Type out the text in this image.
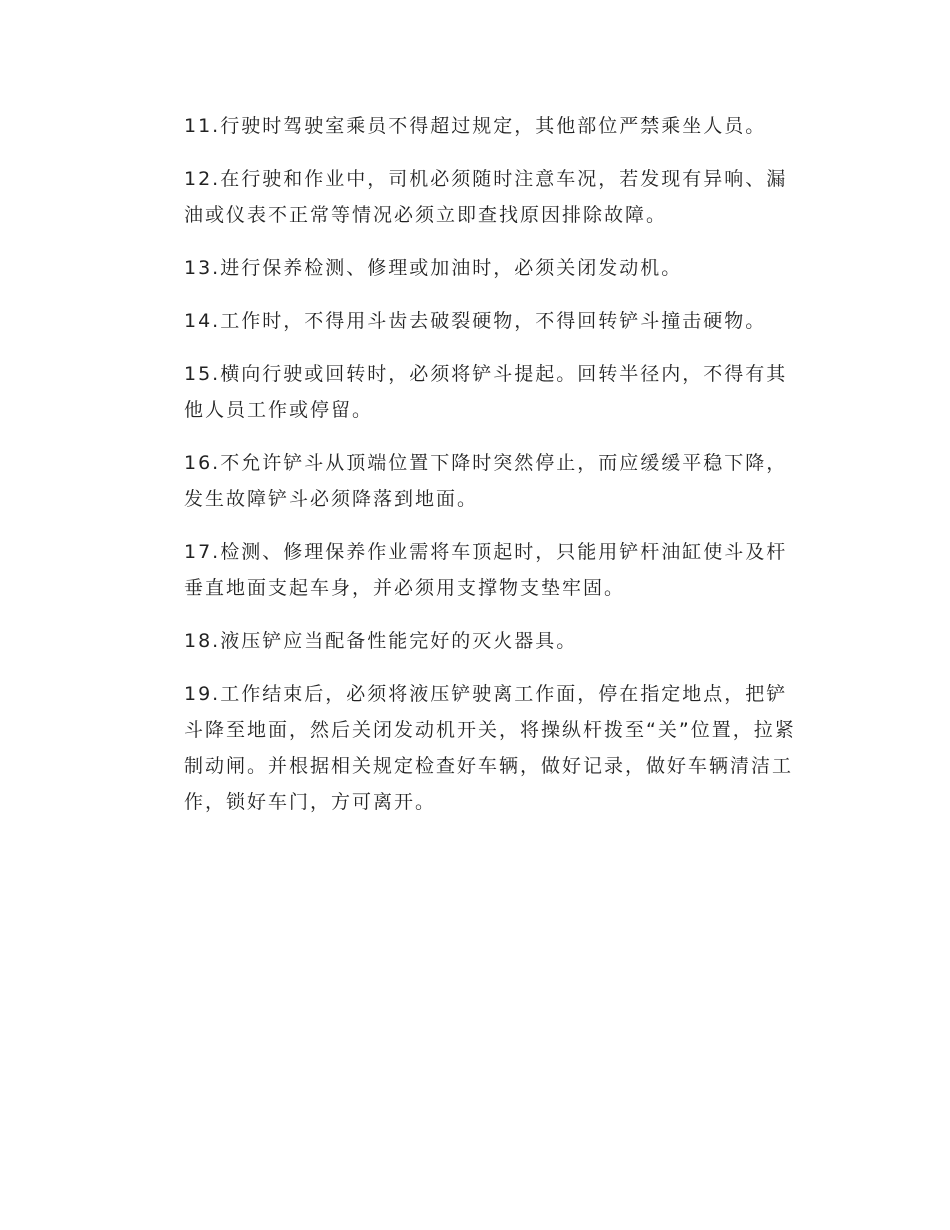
11.行驶时驾驶室乘员不得超过规定，其他部位严禁乘坐人员。

12.在行驶和作业中，司机必须随时注意车况，若发现有异响、漏
油或仪表不正常等情况必须立即查找原因排除故障。

13.进行保养检测、修理或加油时，必须关闭发动机。

14.工作时，不得用斗齿去破裂硬物，不得回转铲斗撞击硬物。

15.横向行驶或回转时，必须将铲斗提起。回转半径内，不得有其
他人员工作或停留。

16.不允许铲斗从顶端位置下降时突然停止，而应缓缓平稳下降，
发生故障铲斗必须降落到地面。

17.检测、修理保养作业需将车顶起时，只能用铲杆油缸使斗及杆
垂直地面支起车身，并必须用支撑物支垫牢固。

18.液压铲应当配备性能完好的灭火器具。

19.工作结束后，必须将液压铲驶离工作面，停在指定地点，把铲
斗降至地面，然后关闭发动机开关，将操纵杆拨至“关”位置，拉紧
制动闸。并根据相关规定检查好车辆，做好记录，做好车辆清洁工
作，锁好车门，方可离开。
